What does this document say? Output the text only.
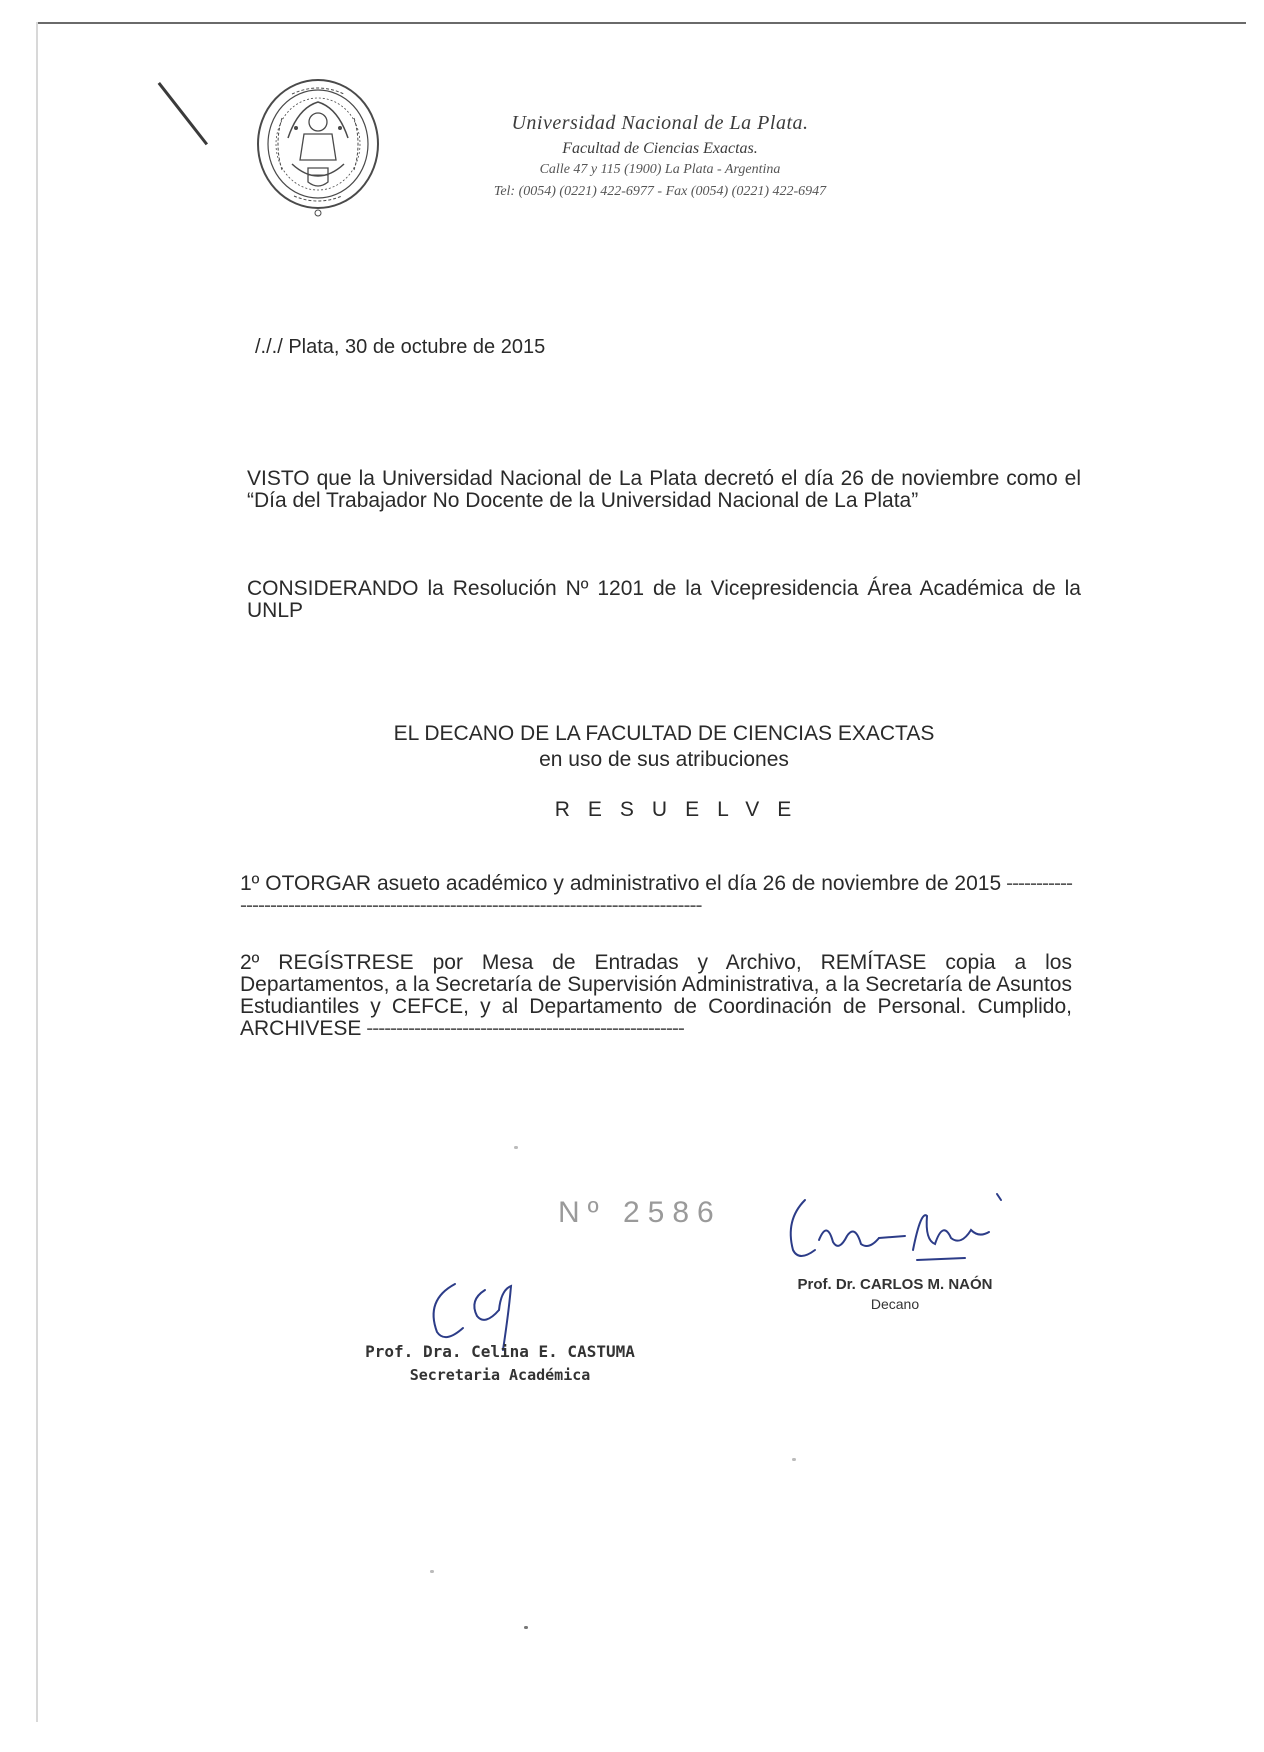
Universidad Nacional de La Plata.
Facultad de Ciencias Exactas.
Calle 47 y 115 (1900) La Plata - Argentina
Tel: (0054) (0221) 422-6977 - Fax (0054) (0221) 422-6947
/././ Plata, 30 de octubre de 2015
VISTO que la Universidad Nacional de La Plata decretó el día 26 de noviembre como el “Día del Trabajador No Docente de la Universidad Nacional de La Plata”
CONSIDERANDO la Resolución Nº 1201 de la Vicepresidencia Área Académica de la UNLP
EL DECANO DE LA FACULTAD DE CIENCIAS EXACTAS
en uso de sus atribuciones
RESUELVE
1º OTORGAR asueto académico y administrativo el día 26 de noviembre de 2015 ----------------------------------------------------------------------------------------
2º REGÍSTRESE por Mesa de Entradas y Archivo, REMÍTASE copia a los Departamentos, a la Secretaría de Supervisión Administrativa, a la Secretaría de Asuntos Estudiantiles y CEFCE, y al Departamento de Coordinación de Personal. Cumplido, ARCHIVESE -----------------------------------------------------
Nº 2586
Prof. Dr. CARLOS M. NAÓN
Decano
Prof. Dra. Celina E. CASTUMA
Secretaria Académica
